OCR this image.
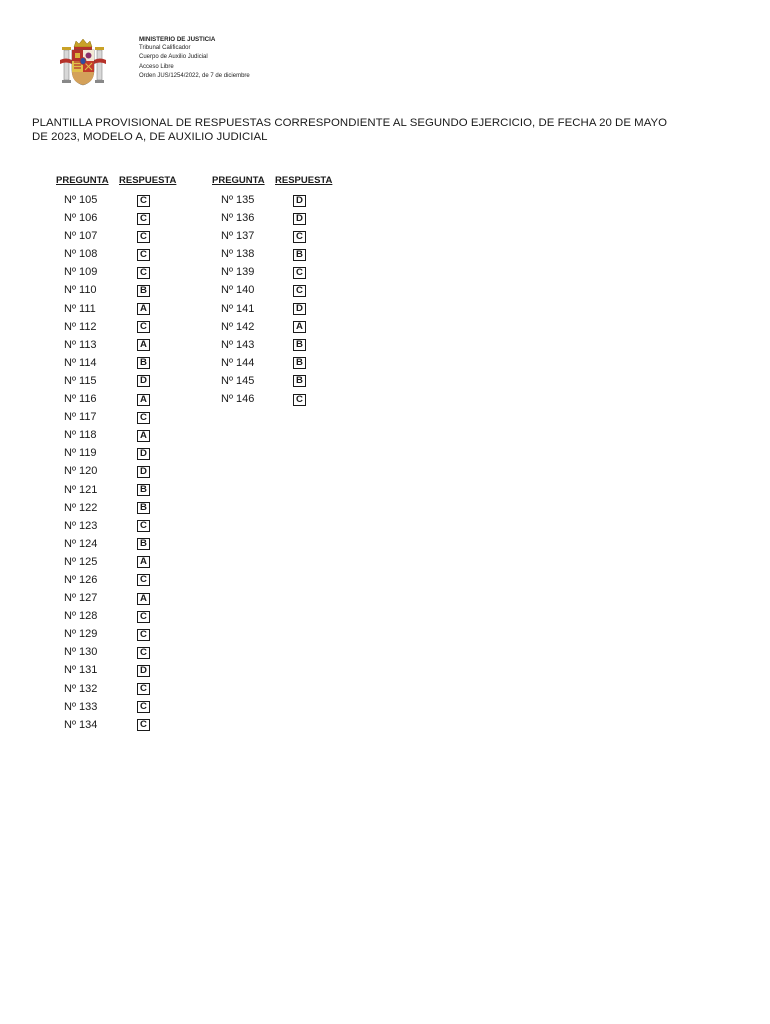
MINISTERIO DE JUSTICIA
Tribunal Calificador
Cuerpo de Auxilio Judicial
Acceso Libre
Orden JUS/1254/2022, de 7 de diciembre
PLANTILLA PROVISIONAL DE RESPUESTAS CORRESPONDIENTE AL SEGUNDO EJERCICIO, DE FECHA 20 DE MAYO DE 2023, MODELO A, DE AUXILIO JUDICIAL
PREGUNTA RESPUESTA	PREGUNTA RESPUESTA
Nº 105	C
Nº 106	C
Nº 107	C
Nº 108	C
Nº 109	C
Nº 110	B
Nº 111	A
Nº 112	C
Nº 113	A
Nº 114	B
Nº 115	D
Nº 116	A
Nº 117	C
Nº 118	A
Nº 119	D
Nº 120	D
Nº 121	B
Nº 122	B
Nº 123	C
Nº 124	B
Nº 125	A
Nº 126	C
Nº 127	A
Nº 128	C
Nº 129	C
Nº 130	C
Nº 131	D
Nº 132	C
Nº 133	C
Nº 134	C
Nº 135	D
Nº 136	D
Nº 137	C
Nº 138	B
Nº 139	C
Nº 140	C
Nº 141	D
Nº 142	A
Nº 143	B
Nº 144	B
Nº 145	B
Nº 146	C
